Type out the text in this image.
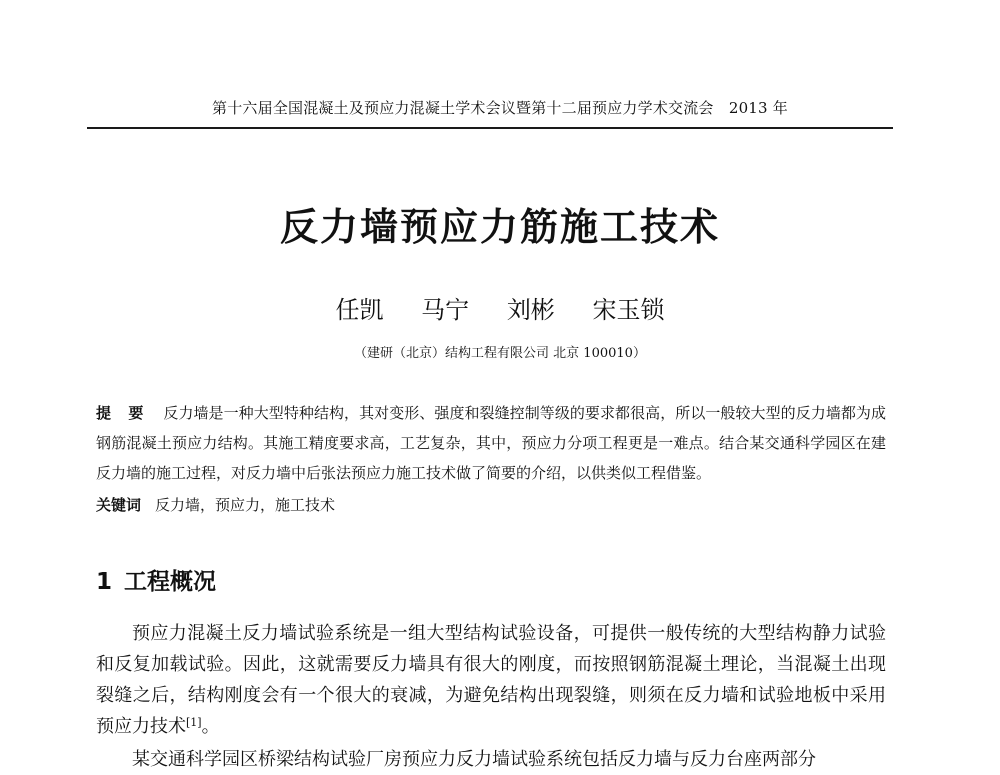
第十六届全国混凝土及预应力混凝土学术会议暨第十二届预应力学术交流会　2013 年
反力墙预应力筋施工技术
任凯 马宁 刘彬 宋玉锁
（建研（北京）结构工程有限公司 北京 100010）
提 要 反力墙是一种大型特种结构，其对变形、强度和裂缝控制等级的要求都很高，所以一般较大型的反力墙都为成钢筋混凝土预应力结构。其施工精度要求高，工艺复杂，其中，预应力分项工程更是一难点。结合某交通科学园区在建反力墙的施工过程，对反力墙中后张法预应力施工技术做了简要的介绍，以供类似工程借鉴。
关键词 反力墙，预应力，施工技术
1 工程概况
预应力混凝土反力墙试验系统是一组大型结构试验设备，可提供一般传统的大型结构静力试验和反复加载试验。因此，这就需要反力墙具有很大的刚度，而按照钢筋混凝土理论，当混凝土出现裂缝之后，结构刚度会有一个很大的衰减，为避免结构出现裂缝，则须在反力墙和试验地板中采用预应力技术[1]。
某交通科学园区桥梁结构试验厂房预应力反力墙试验系统包括反力墙与反力台座两部分
